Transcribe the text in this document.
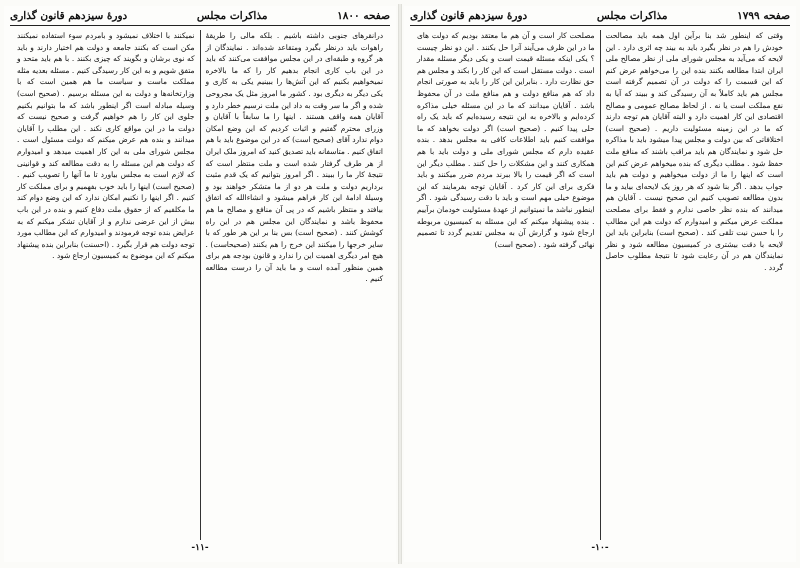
صفحه ۱۸۰۰
مذاکرات مجلس
دورهٔ سیزدهم قانون گذاری

درانقرهای جنوبی داشته باشیم . بلکه مالی را طریقهٔ راهوات باید درنظر بگیرد ومتقاعد شده‌اند . نمایندگان از هر گروه و طبقه‌ای در این مجلس موافقت می‌کنند که باید در این باب کاری انجام بدهیم کار را که ما بالاخره نمیخواهیم بکنیم که این آتش‌ها را ببینیم یکی به کاری و یکی دیگر به دیگری بود . کشور ما امروز مثل یک مجروحی شده و اگر ما سر وقت به داد این ملت نرسیم خطر دارد و آقایان همه واقف هستند . اینها را ما سابقاً با آقایان و وزرای محترم گفتیم و اثبات کردیم که این وضع امکان دوام ندارد آقای (صحیح است) که در این موضوع باید با هم اتفاق کنیم . متاسفانه باید تصدیق کنید که امروز ملک ایران از هر طرف گرفتار شده است و ملت منتظر است که نتیجهٔ کار ما را ببیند . اگر امروز بتوانیم که یک قدم مثبت برداریم دولت و ملت هر دو از ما متشکر خواهند بود و وسیلهٔ ادامهٔ این کار فراهم میشود و انشاءالله که اتفاق بیافتد و منتظر باشیم که در پی آن منافع و مصالح ما هم محفوظ باشد و نمایندگان این مجلس هم در این راه کوشش کنند . (صحیح است) بس بنا بر این هر طور که با سایر خرجها را میکنند این خرج را هم بکنند (صحیحاست) . هیچ امر دیگری اهمیت این را ندارد و قانون بودجه هم برای همین منظور آمده است و ما باید آن را درست مطالعه کنیم .

نمیکنند با اختلاف نمیشود و بامردم سوء استفاده نمیکنند مکن است که بکنند جامعه و دولت هم اختیار دارند و باید که نوی برشان و بگویند که چیزی بکنند . با هم باید متحد و متفق شویم و به این کار رسیدگی کنیم . مسئله بعدیه مثله مملکت ماست و سیاست ما هم همین است که با وزارتخانه‌ها و دولت به این مسئله برسیم . (صحیح است) وسیله مبادله است اگر اینطور باشد که ما بتوانیم بکنیم جلوی این کار را هم خواهیم گرفت و صحیح نیست که دولت ما در این مواقع کاری نکند . این مطلب را آقایان میدانند و بنده هم عرض میکنم که دولت مسئول است . مجلس شورای ملی به این کار اهمیت میدهد و امیدوارم که دولت هم این مسئله را به دقت مطالعه کند و قوانینی که لازم است به مجلس بیاورد تا ما آنها را تصویب کنیم . (صحیح است) اینها را باید خوب بفهمیم و برای مملکت کار کنیم . اگر اینها را نکنیم امکان ندارد که این وضع دوام کند ما مکلفیم که از حقوق ملت دفاع کنیم و بنده در این باب بیش از این عرضی ندارم و از آقایان تشکر میکنم که به عرایض بنده توجه فرمودند و امیدوارم که این مطالب مورد توجه دولت هم قرار بگیرد . (احسنت) بنابراین بنده پیشنهاد میکنم که این موضوع به کمیسیون ارجاع شود .

-۱۱-
صفحه ۱۷۹۹
مذاکرات مجلس
دورهٔ سیزدهم قانون گذاری

وقتی که اینطور شد بنا برآین اول همه باید مصالحت خودش را هم در نظر بگیرد باید به بیند چه اثری دارد . این لایحه که می‌آید به مجلس شورای ملی از نظر مصالح ملی ایران ابتدا مطالعه بکنند بنده این را می‌خواهم عرض کنم که این قسمت را که دولت در آن تصمیم گرفته است مجلس هم باید کاملاً به آن رسیدگی کند و ببیند که آیا به نفع مملکت است یا نه . از لحاظ مصالح عمومی و مصالح اقتصادی این کار اهمیت دارد و البته آقایان هم توجه دارند که ما در این زمینه مسئولیت داریم . (صحیح است) اختلافاتی که بین دولت و مجلس پیدا میشود باید با مذاکره حل شود و نمایندگان هم باید مراقب باشند که منافع ملت حفظ شود . مطلب دیگری که بنده میخواهم عرض کنم این است که اینها را ما از دولت میخواهیم و دولت هم باید جواب بدهد . اگر بنا شود که هر روز یک لایحه‌ای بیاید و ما بدون مطالعه تصویب کنیم این صحیح نیست . آقایان هم میدانند که بنده نظر خاصی ندارم و فقط برای مصلحت مملکت عرض میکنم و امیدوارم که دولت هم این مطالب را با حسن نیت تلقی کند . (صحیح است) بنابراین باید این لایحه با دقت بیشتری در کمیسیون مطالعه شود و نظر نمایندگان هم در آن رعایت شود تا نتیجهٔ مطلوب حاصل گردد .

مصلحت کار است و آن هم ما معتقد بودیم که دولت های ما در این ظرف می‌آیند آنرا حل بکنند . این دو نظر چیست ؟ یکی اینکه مسئله قیمت است و یکی دیگر مسئله مقدار است . دولت مستقل است که این کار را بکند و مجلس هم حق نظارت دارد . بنابراین این کار را باید به صورتی انجام داد که هم منافع دولت و هم منافع ملت در آن محفوظ باشد . آقایان میدانند که ما در این مسئله خیلی مذاکره کرده‌ایم و بالاخره به این نتیجه رسیده‌ایم که باید یک راه حلی پیدا کنیم . (صحیح است) اگر دولت بخواهد که ما موافقت کنیم باید اطلاعات کافی به مجلس بدهد . بنده عقیده دارم که مجلس شورای ملی و دولت باید با هم همکاری کنند و این مشکلات را حل کنند . مطلب دیگر این است که اگر قیمت را بالا ببرند مردم ضرر میکنند و باید فکری برای این کار کرد . آقایان توجه بفرمایند که این موضوع خیلی مهم است و باید با دقت رسیدگی شود . اگر اینطور نباشد ما نمیتوانیم از عهدهٔ مسئولیت خودمان برآییم . بنده پیشنهاد میکنم که این مسئله به کمیسیون مربوطه ارجاع شود و گزارش آن به مجلس تقدیم گردد تا تصمیم نهائی گرفته شود . (صحیح است)

-۱۰-
